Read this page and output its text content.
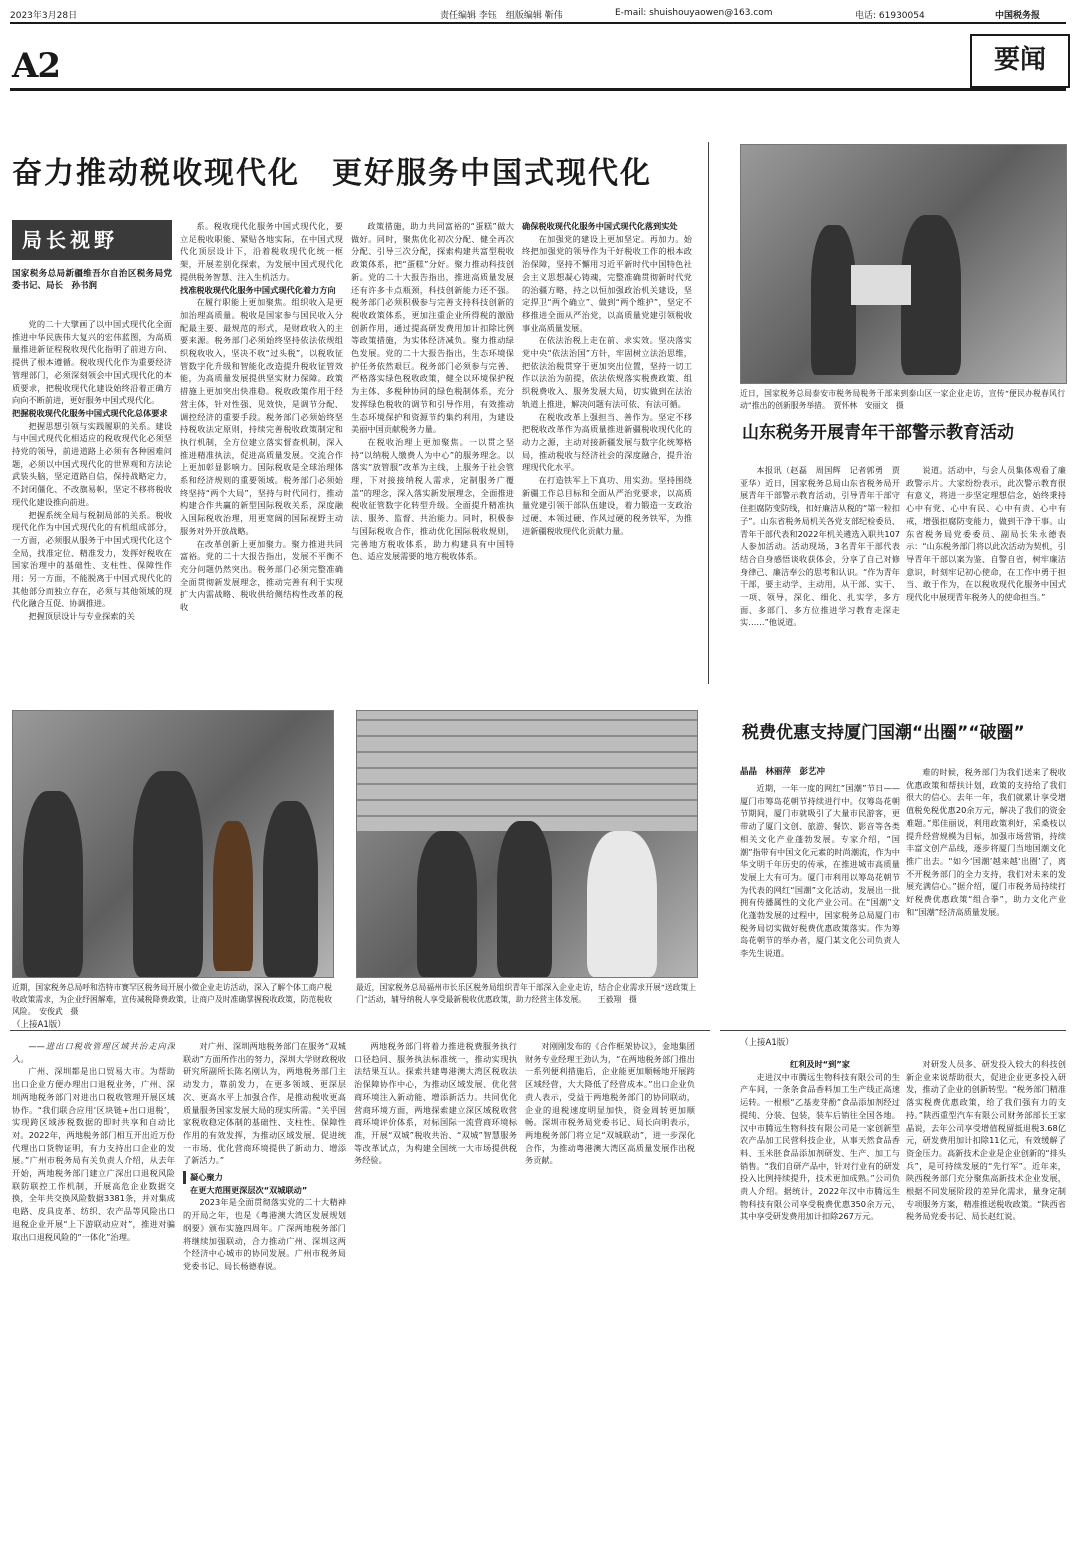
2023年3月28日	责任编辑 李钰　组版编辑 靳伟	E-mail: shuishouyaowen@163.com	电话: 61930054	中国税务报
A2	要闻
奋力推动税收现代化　更好服务中国式现代化
局长视野
国家税务总局新疆维吾尔自治区税务局党委书记、局长　孙书润

党的二十大擘画了以中国式现代化全面推进中华民族伟大复兴的宏伟蓝图，为高质量推进新征程税收现代化指明了前进方向、提供了根本遵循。税收现代化作为重要经济管理部门，必须深刻领会中国式现代化的本质要求，把税收现代化建设始终沿着正确方向向不断前进，更好服务中国式现代化。

把握税收现代化服务中国式现代化总体要求

把握思想引领与实践履职的关系。建设与中国式现代化相适应的税收现代化必须坚持党的领导，前进道路上必须有各种困难问题，必须以中国式现代化的世界观和方法论武装头脑，坚定道路自信，保持战略定力，不封闭僵化、不改旗易帜，坚定不移将税收现代化建设推向前进。

把握系统全局与税制局部的关系。税收现代化作为中国式现代化的有机组成部分，一方面，必须服从服务于中国式现代化这个全局，找准定位、精准发力，发挥好税收在国家治理中的基础性、支柱性、保障性作用；另一方面，不能脱离于中国式现代化的其他部分而独立存在，必须与其他领域的现代化融合互促、协调推进。

把握顶层设计与专业探索的关

系。税收现代化服务中国式现代化，要立足税收职能、紧贴各地实际，在中国式现代化顶层设计下，沿着税收现代化统一框架，开展差别化探索，为发展中国式现代化提供税务智慧、注入生机活力。

找准税收现代化服务中国式现代化着力方向

在履行职能上更加聚焦。组织收入是更加治理高质量。税收是国家参与国民收入分配最主要、最规范的形式，是财政收入的主要来源。税务部门必须始终坚持依法依规组织税收收入，坚决不收“过头税”，以税收征管数字化升级和智能化改造提升税收征管效能，为高质量发展提供坚实财力保障。政策措施上更加突出快准稳。税收政策作用于经营主体，针对性强、见效快，是调节分配、调控经济的重要手段。税务部门必须始终坚持税收法定原则，持续完善税收政策制定和执行机制，全方位建立落实督查机制，深入推进精准执法，促进高质量发展。交流合作上更加彰显影响力。国际税收是全球治理体系和经济规则的重要领域。税务部门必须始终坚持“两个大局”，坚持与时代同行，推动构建合作共赢的新型国际税收关系，深度融入国际税收治理，用更宽阔的国际视野主动服务对外开放战略。

在改革创新上更加聚力。聚力推进共同富裕。党的二十大报告指出，发展不平衡不充分问题仍然突出。税务部门必须完整准确全面贯彻新发展理念，推动完善有利于实现扩大内需战略、税收供给侧结构性改革的税收

政策措施，助力共同富裕的“蛋糕”做大做好。同时，聚焦优化初次分配、健全再次分配、引导三次分配，探索构建共富型税收政策体系，把“蛋糕”分好。聚力推动科技创新。党的二十大报告指出，推进高质量发展还有许多卡点瓶颈，科技创新能力还不强。税务部门必须积极参与完善支持科技创新的税收政策体系，更加注重企业所得税的激励创新作用，通过提高研发费用加计扣除比例等政策措施，为实体经济减负。聚力推动绿色发展。党的二十大报告指出，生态环境保护任务依然艰巨。税务部门必须参与完善、严格落实绿色税收政策，健全以环境保护税为主体、多税种协同的绿色税制体系，充分发挥绿色税收的调节和引导作用，有效推动生态环境保护和资源节约集约利用，为建设美丽中国贡献税务力量。

在税收治理上更加聚焦。一以贯之坚持“以纳税人缴费人为中心”的服务理念。以落实“放管服”改革为主线，上服务于社会管理，下对接接纳税人需求，定制服务广覆盖”的理念，深入落实新发展理念，全面推进税收征管数字化转型升级。全面提升精准执法、服务、监督、共治能力。同时，积极参与国际税收合作，推动优化国际税收规则，完善地方税收体系，助力构建具有中国特色、适应发展需要的地方税收体系。

确保税收现代化服务中国式现代化落到实处

在加强党的建设上更加坚定。再加力。始终把加强党的领导作为干好税收工作的根本政治保障，坚持不懈用习近平新时代中国特色社会主义思想凝心铸魂，完整准确贯彻新时代党的治疆方略，持之以恒加强政治机关建设，坚定捍卫“两个确立”、做到“两个维护”，坚定不移推进全面从严治党，以高质量党建引领税收事业高质量发展。

在依法治税上走在前、求实效。坚决落实党中央“依法治国”方针，牢固树立法治思维，把依法治税贯穿于更加突出位置，坚持一切工作以法治为前提，依法依规落实税费政策、组织税费收入、服务发展大局，切实做到在法治轨道上推进，解决问题有法可依、有法可循。

在税收改革上强担当、善作为。坚定不移把税收改革作为高质量推进新疆税收现代化的动力之源，主动对接新疆发展与数字化统筹格局，推动税收与经济社会的深度融合，提升治理现代化水平。

在打造铁军上下真功、用实劲。坚持围绕新疆工作总目标和全面从严治党要求，以高质量党建引领干部队伍建设，着力锻造一支政治过硬、本领过硬、作风过硬的税务铁军，为推进新疆税收现代化贡献力量。

近日，国家税务总局泰安市税务局税务干部来到泰山区一家企业走访，宣传“便民办税春风行动”推出的创新服务举措。　贾怀林　安丽文　摄
山东税务开展青年干部警示教育活动

本报讯（赵磊　周国辉　记者郭勇　贾亚华）近日，国家税务总局山东省税务局开展青年干部警示教育活动，引导青年干部守住拒腐防变防线，扣好廉洁从税的“第一粒扣子”。山东省税务局机关各党支部纪检委员、青年干部代表和2022年机关遴选入职共107人参加活动。活动现场，3名青年干部代表结合自身感悟谈收获体会，分享了自己对修身律己、廉洁奉公的思考和认识。“作为青年干部，要主动学、主动用，从干部、实干、一项、领导，深化、细化、扎实学，多方面、多部门、多方位推进学习教育走深走实……”他说道。

说道。活动中，与会人员集体观看了廉政警示片。大家纷纷表示，此次警示教育很有意义，将进一步坚定理想信念，始终秉持心中有党、心中有民、心中有责、心中有戒，增强拒腐防变能力，做到干净干事。山东省税务局党委委员、副局长朱永德表示：“山东税务部门将以此次活动为契机，引导青年干部以案为鉴、自警自省，树牢廉洁意识，时刻牢记初心使命，在工作中勇于担当、敢于作为，在以税收现代化服务中国式现代化中展现青年税务人的使命担当。”

税费优惠支持厦门国潮“出圈”“破圈”
晶晶　林丽萍　彭艺冲

近期，一年一度的网红“国潮”节日——厦门市筹岛花朝节持续进行中。仅筹岛花朝节期间，厦门市就吸引了大量市民游客，更带动了厦门文创、旅游、餐饮、影音等各类相关文化产业蓬勃发展。专家介绍，“国潮”指带有中国文化元素的时尚潮流，作为中华文明千年历史的传承，在推进城市高质量发展上大有可为。厦门市利用以筹岛花朝节为代表的网红“国潮”文化活动，发展出一批拥有传播属性的文化产业公司。在“国潮”文化蓬勃发展的过程中，国家税务总局厦门市税务局切实做好税费优惠政策落实。作为筹岛花朝节的举办者，厦门某文化公司负责人李先生说道。

难的时候，税务部门为我们送来了税收优惠政策和帮扶计划，政策的支持给了我们很大的信心。去年一年，我们就累计享受增值税免税优惠20余万元，解决了我们的资金难题。”郑佳丽说，利用政策利好，采桑枝以提升经营规模为目标，加强市场营销，持续丰富文创产品线，逐步将厦门当地国潮文化推广出去。“如今‘国潮’越来越‘出圈’了，离不开税务部门的全力支持，我们对未来的发展充满信心。”据介绍，厦门市税务局持续打好税费优惠政策“组合拳”，助力文化产业和“国潮”经济高质量发展。

近期，国家税务总局呼和浩特市赛罕区税务局开展小微企业走访活动，深入了解个体工商户税收政策需求，为企业纾困解难，宣传减税降费政策，让商户及时准确掌握税收政策，防范税收风险。　安俊武　摄
最近，国家税务总局福州市长乐区税务局组织青年干部深入企业走访，结合企业需求开展“送政策上门”活动，辅导纳税人享受最新税收优惠政策，助力经营主体发展。　　王毅翔　摄
（上接A1版）

——进出口税收管理区域共治走向深入。

广州、深圳都是出口贸易大市。为帮助出口企业方便办理出口退税业务，广州、深圳两地税务部门对进出口税收管理开展区域协作。“我们联合应用‘区块链+出口退税’，实现跨区域涉税数据的即时共享和自动比对。2022年，两地税务部门相互开出近万份代理出口货物证明，有力支持出口企业的发展。”广州市税务局有关负责人介绍，从去年开始，两地税务部门建立广深出口退税风险联防联控工作机制，开展高危企业数据交换，全年共交换风险数据3381条，并对集成电路、皮具皮革、纺织、农产品等风险出口退税企业开展“上下游联动应对”，推进对骗取出口退税风险的“一体化”治理。

对广州、深圳两地税务部门在服务“双城联动”方面所作出的努力，深圳大学财政税收研究所副所长陈名刚认为，两地税务部门主动发力，靠前发力，在更多领域、更深层次、更高水平上加强合作，是推动税收更高质量服务国家发展大局的现实所需。“关乎国家税收稳定体制的基础性、支柱性、保障性作用的有效发挥，为推动区域发展、促进统一市场、优化营商环境提供了新动力、增添了新活力。”

凝心聚力

在更大范围更深层次“双城联动”

2023年是全面贯彻落实党的二十大精神的开局之年，也是《粤港澳大湾区发展规划纲要》颁布实施四周年。广深两地税务部门将继续加强联动，合力推动广州、深圳这两个经济中心城市的协同发展。广州市税务局党委书记、局长杨德春说。

两地税务部门将着力推进税费服务执行口径趋同、服务执法标准统一，推动实现执法结果互认。探索共建粤港澳大湾区税收法治保障协作中心，为推动区域发展、优化营商环境注入新动能、增添新活力。共同优化营商环境方面，两地探索建立深区域税收营商环境评价体系，对标国际一流营商环境标准，开展“双城”税收共治、“双城”智慧服务等改革试点，为构建全国统一大市场提供税务经验。

对刚刚发布的《合作框架协议》，金地集团财务专业经理王劲认为，“在两地税务部门推出一系列便利措施后，企业能更加顺畅地开展跨区域经营，大大降低了经营成本。”出口企业负责人表示，受益于两地税务部门的协同联动，企业的退税速度明显加快，资金周转更加顺畅。深圳市税务局党委书记、局长向明表示，两地税务部门将立足“双城联动”，进一步深化合作，为推动粤港澳大湾区高质量发展作出税务贡献。

（上接A1版）

红利及时“到”家

走进汉中市腾远生物科技有限公司的生产车间，一条条食品香料加工生产线正高速运转。一根根“乙基麦芽酚”食品添加剂经过提纯、分装、包装，装车后销往全国各地。汉中市腾远生物科技有限公司是一家创新型农产品加工民营科技企业，从事天然食品香料、玉米胚食品添加剂研发、生产、加工与销售。“我们自研产品中，针对行业有的研发投入比例持续提升，技术更加成熟。”公司负责人介绍。据统计，2022年汉中市腾远生物科技有限公司享受税费优惠350余万元，其中享受研发费用加计扣除267万元。

对研发人员多、研发投入较大的科技创新企业来说帮助很大，促进企业更多投入研发，推动了企业的创新转型。“税务部门精准落实税费优惠政策，给了我们强有力的支持。”陕西重型汽车有限公司财务部部长王家晶说，去年公司享受增值税留抵退税3.68亿元，研发费用加计扣除11亿元，有效缓解了资金压力。高新技术企业是企业创新的“排头兵”，是可持续发展的“先行军”。近年来，陕西税务部门充分聚焦高新技术企业发展，根据不同发展阶段的差异化需求，量身定制专项服务方案，精准推送税收政策。“陕西省税务局党委书记、局长赵红说。
